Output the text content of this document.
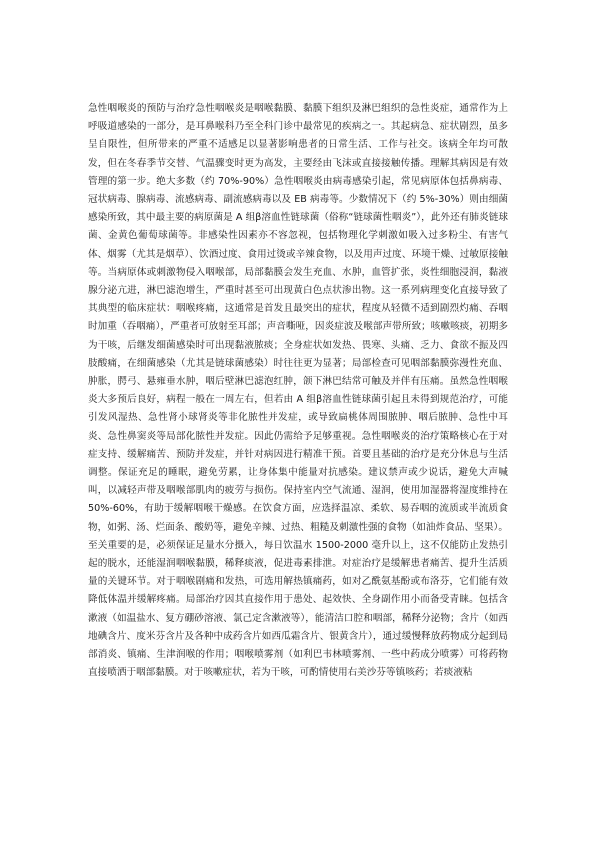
急性咽喉炎的预防与治疗急性咽喉炎是咽喉黏膜、黏膜下组织及淋巴组织的急性炎症，通常作为上呼吸道感染的一部分，是耳鼻喉科乃至全科门诊中最常见的疾病之一。其起病急、症状剧烈，虽多呈自限性，但所带来的严重不适感足以显著影响患者的日常生活、工作与社交。该病全年均可散发，但在冬春季节交替、气温骤变时更为高发，主要经由飞沫或直接接触传播。理解其病因是有效管理的第一步。绝大多数（约 70%-90%）急性咽喉炎由病毒感染引起，常见病原体包括鼻病毒、冠状病毒、腺病毒、流感病毒、副流感病毒以及 EB 病毒等。少数情况下（约 5%-30%）则由细菌感染所致，其中最主要的病原菌是 A 组β溶血性链球菌（俗称“链球菌性咽炎”），此外还有肺炎链球菌、金黄色葡萄球菌等。非感染性因素亦不容忽视，包括物理化学刺激如吸入过多粉尘、有害气体、烟雾（尤其是烟草）、饮酒过度、食用过烫或辛辣食物，以及用声过度、环境干燥、过敏原接触等。当病原体或刺激物侵入咽喉部，局部黏膜会发生充血、水肿，血管扩张，炎性细胞浸润，黏液腺分泌亢进，淋巴滤泡增生，严重时甚至可出现黄白色点状渗出物。这一系列病理变化直接导致了其典型的临床症状：咽喉疼痛，这通常是首发且最突出的症状，程度从轻微不适到剧烈灼痛、吞咽时加重（吞咽痛），严重者可放射至耳部；声音嘶哑，因炎症波及喉部声带所致；咳嗽咳痰，初期多为干咳，后继发细菌感染时可出现黏液脓痰；全身症状如发热、畏寒、头痛、乏力、食欲不振及四肢酸痛，在细菌感染（尤其是链球菌感染）时往往更为显著；局部检查可见咽部黏膜弥漫性充血、肿胀，腭弓、悬雍垂水肿，咽后壁淋巴滤泡红肿，颌下淋巴结常可触及并伴有压痛。虽然急性咽喉炎大多预后良好，病程一般在一周左右，但若由 A 组β溶血性链球菌引起且未得到规范治疗，可能引发风湿热、急性肾小球肾炎等非化脓性并发症，或导致扁桃体周围脓肿、咽后脓肿、急性中耳炎、急性鼻窦炎等局部化脓性并发症。因此仍需给予足够重视。急性咽喉炎的治疗策略核心在于对症支持、缓解痛苦、预防并发症，并针对病因进行精准干预。首要且基础的治疗是充分休息与生活调整。保证充足的睡眠，避免劳累，让身体集中能量对抗感染。建议禁声或少说话，避免大声喊叫，以减轻声带及咽喉部肌肉的疲劳与损伤。保持室内空气流通、湿润，使用加湿器将湿度维持在 50%-60%，有助于缓解咽喉干燥感。在饮食方面，应选择温凉、柔软、易吞咽的流质或半流质食物，如粥、汤、烂面条、酸奶等，避免辛辣、过热、粗糙及刺激性强的食物（如油炸食品、坚果）。至关重要的是，必须保证足量水分摄入，每日饮温水 1500-2000 毫升以上，这不仅能防止发热引起的脱水，还能湿润咽喉黏膜，稀释痰液，促进毒素排泄。对症治疗是缓解患者痛苦、提升生活质量的关键环节。对于咽喉剧痛和发热，可选用解热镇痛药，如对乙酰氨基酚或布洛芬，它们能有效降低体温并缓解疼痛。局部治疗因其直接作用于患处、起效快、全身副作用小而备受青睐。包括含漱液（如温盐水、复方硼砂溶液、氯己定含漱液等），能清洁口腔和咽部，稀释分泌物；含片（如西地碘含片、度米芬含片及各种中成药含片如西瓜霜含片、银黄含片），通过缓慢释放药物成分起到局部消炎、镇痛、生津润喉的作用；咽喉喷雾剂（如利巴韦林喷雾剂、一些中药成分喷雾）可将药物直接喷洒于咽部黏膜。对于咳嗽症状，若为干咳，可酌情使用右美沙芬等镇咳药；若痰液粘
